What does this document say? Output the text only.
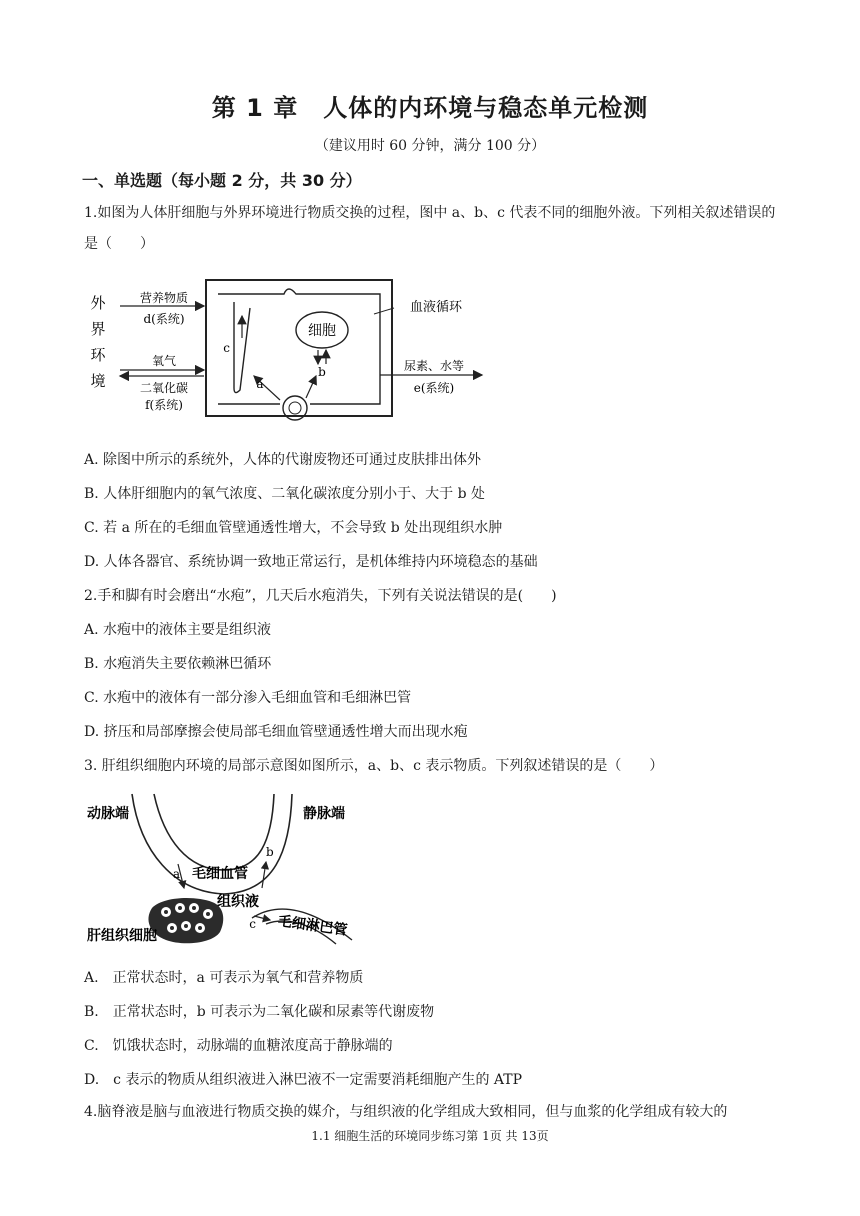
第 1 章　人体的内环境与稳态单元检测
（建议用时 60 分钟，满分 100 分）
一、单选题（每小题 2 分，共 30 分）
1.如图为人体肝细胞与外界环境进行物质交换的过程，图中 a、b、c 代表不同的细胞外液。下列相关叙述错误的是（　　）
外
界
环
境
营养物质
d(系统)
氧气
二氧化碳
f(系统)
c
细胞
b
a
血液循环
尿素、水等
e(系统)
A. 除图中所示的系统外，人体的代谢废物还可通过皮肤排出体外
B. 人体肝细胞内的氧气浓度、二氧化碳浓度分别小于、大于 b 处
C. 若 a 所在的毛细血管壁通透性增大，不会导致 b 处出现组织水肿
D. 人体各器官、系统协调一致地正常运行，是机体维持内环境稳态的基础
2.手和脚有时会磨出“水疱”，几天后水疱消失，下列有关说法错误的是(　　)
A. 水疱中的液体主要是组织液
B. 水疱消失主要依赖淋巴循环
C. 水疱中的液体有一部分渗入毛细血管和毛细淋巴管
D. 挤压和局部摩擦会使局部毛细血管壁通透性增大而出现水疱
3. 肝组织细胞内环境的局部示意图如图所示，a、b、c 表示物质。下列叙述错误的是（　　）
动脉端	静脉端
毛细血管
a
b
组织液
c 毛细淋巴管
肝组织细胞
A.　正常状态时，a 可表示为氧气和营养物质
B.　正常状态时，b 可表示为二氧化碳和尿素等代谢废物
C.　饥饿状态时，动脉端的血糖浓度高于静脉端的
D.　c 表示的物质从组织液进入淋巴液不一定需要消耗细胞产生的 ATP
4.脑脊液是脑与血液进行物质交换的媒介，与组织液的化学组成大致相同，但与血浆的化学组成有较大的
1.1 细胞生活的环境同步练习第 1页 共 13页
